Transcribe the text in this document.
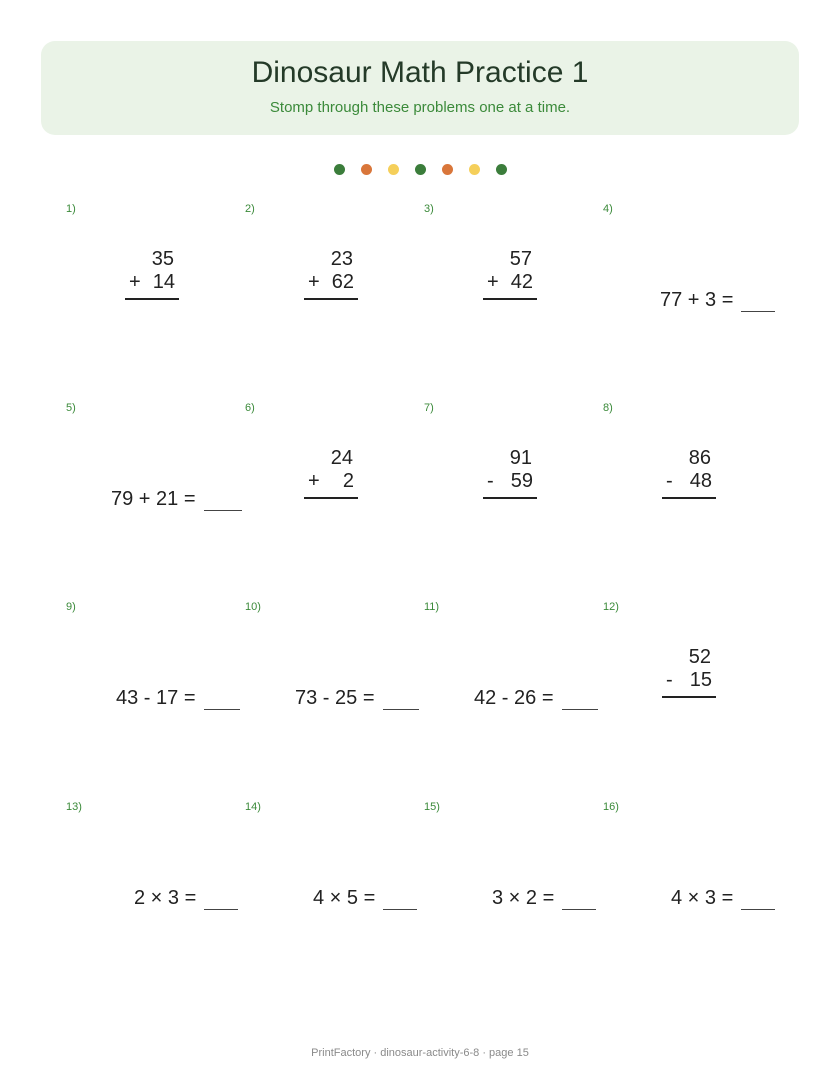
Dinosaur Math Practice 1
Stomp through these problems one at a time.
1)
35
+ 14
2)
23
+ 62
3)
57
+ 42
4)
77 + 3 =
5)
79 + 21 =
6)
24
+ 2
7)
91
- 59
8)
86
- 48
9)
43 - 17 =
10)
73 - 25 =
11)
42 - 26 =
12)
52
- 15
13)
2 × 3 =
14)
4 × 5 =
15)
3 × 2 =
16)
4 × 3 =
PrintFactory · dinosaur-activity-6-8 · page 15
